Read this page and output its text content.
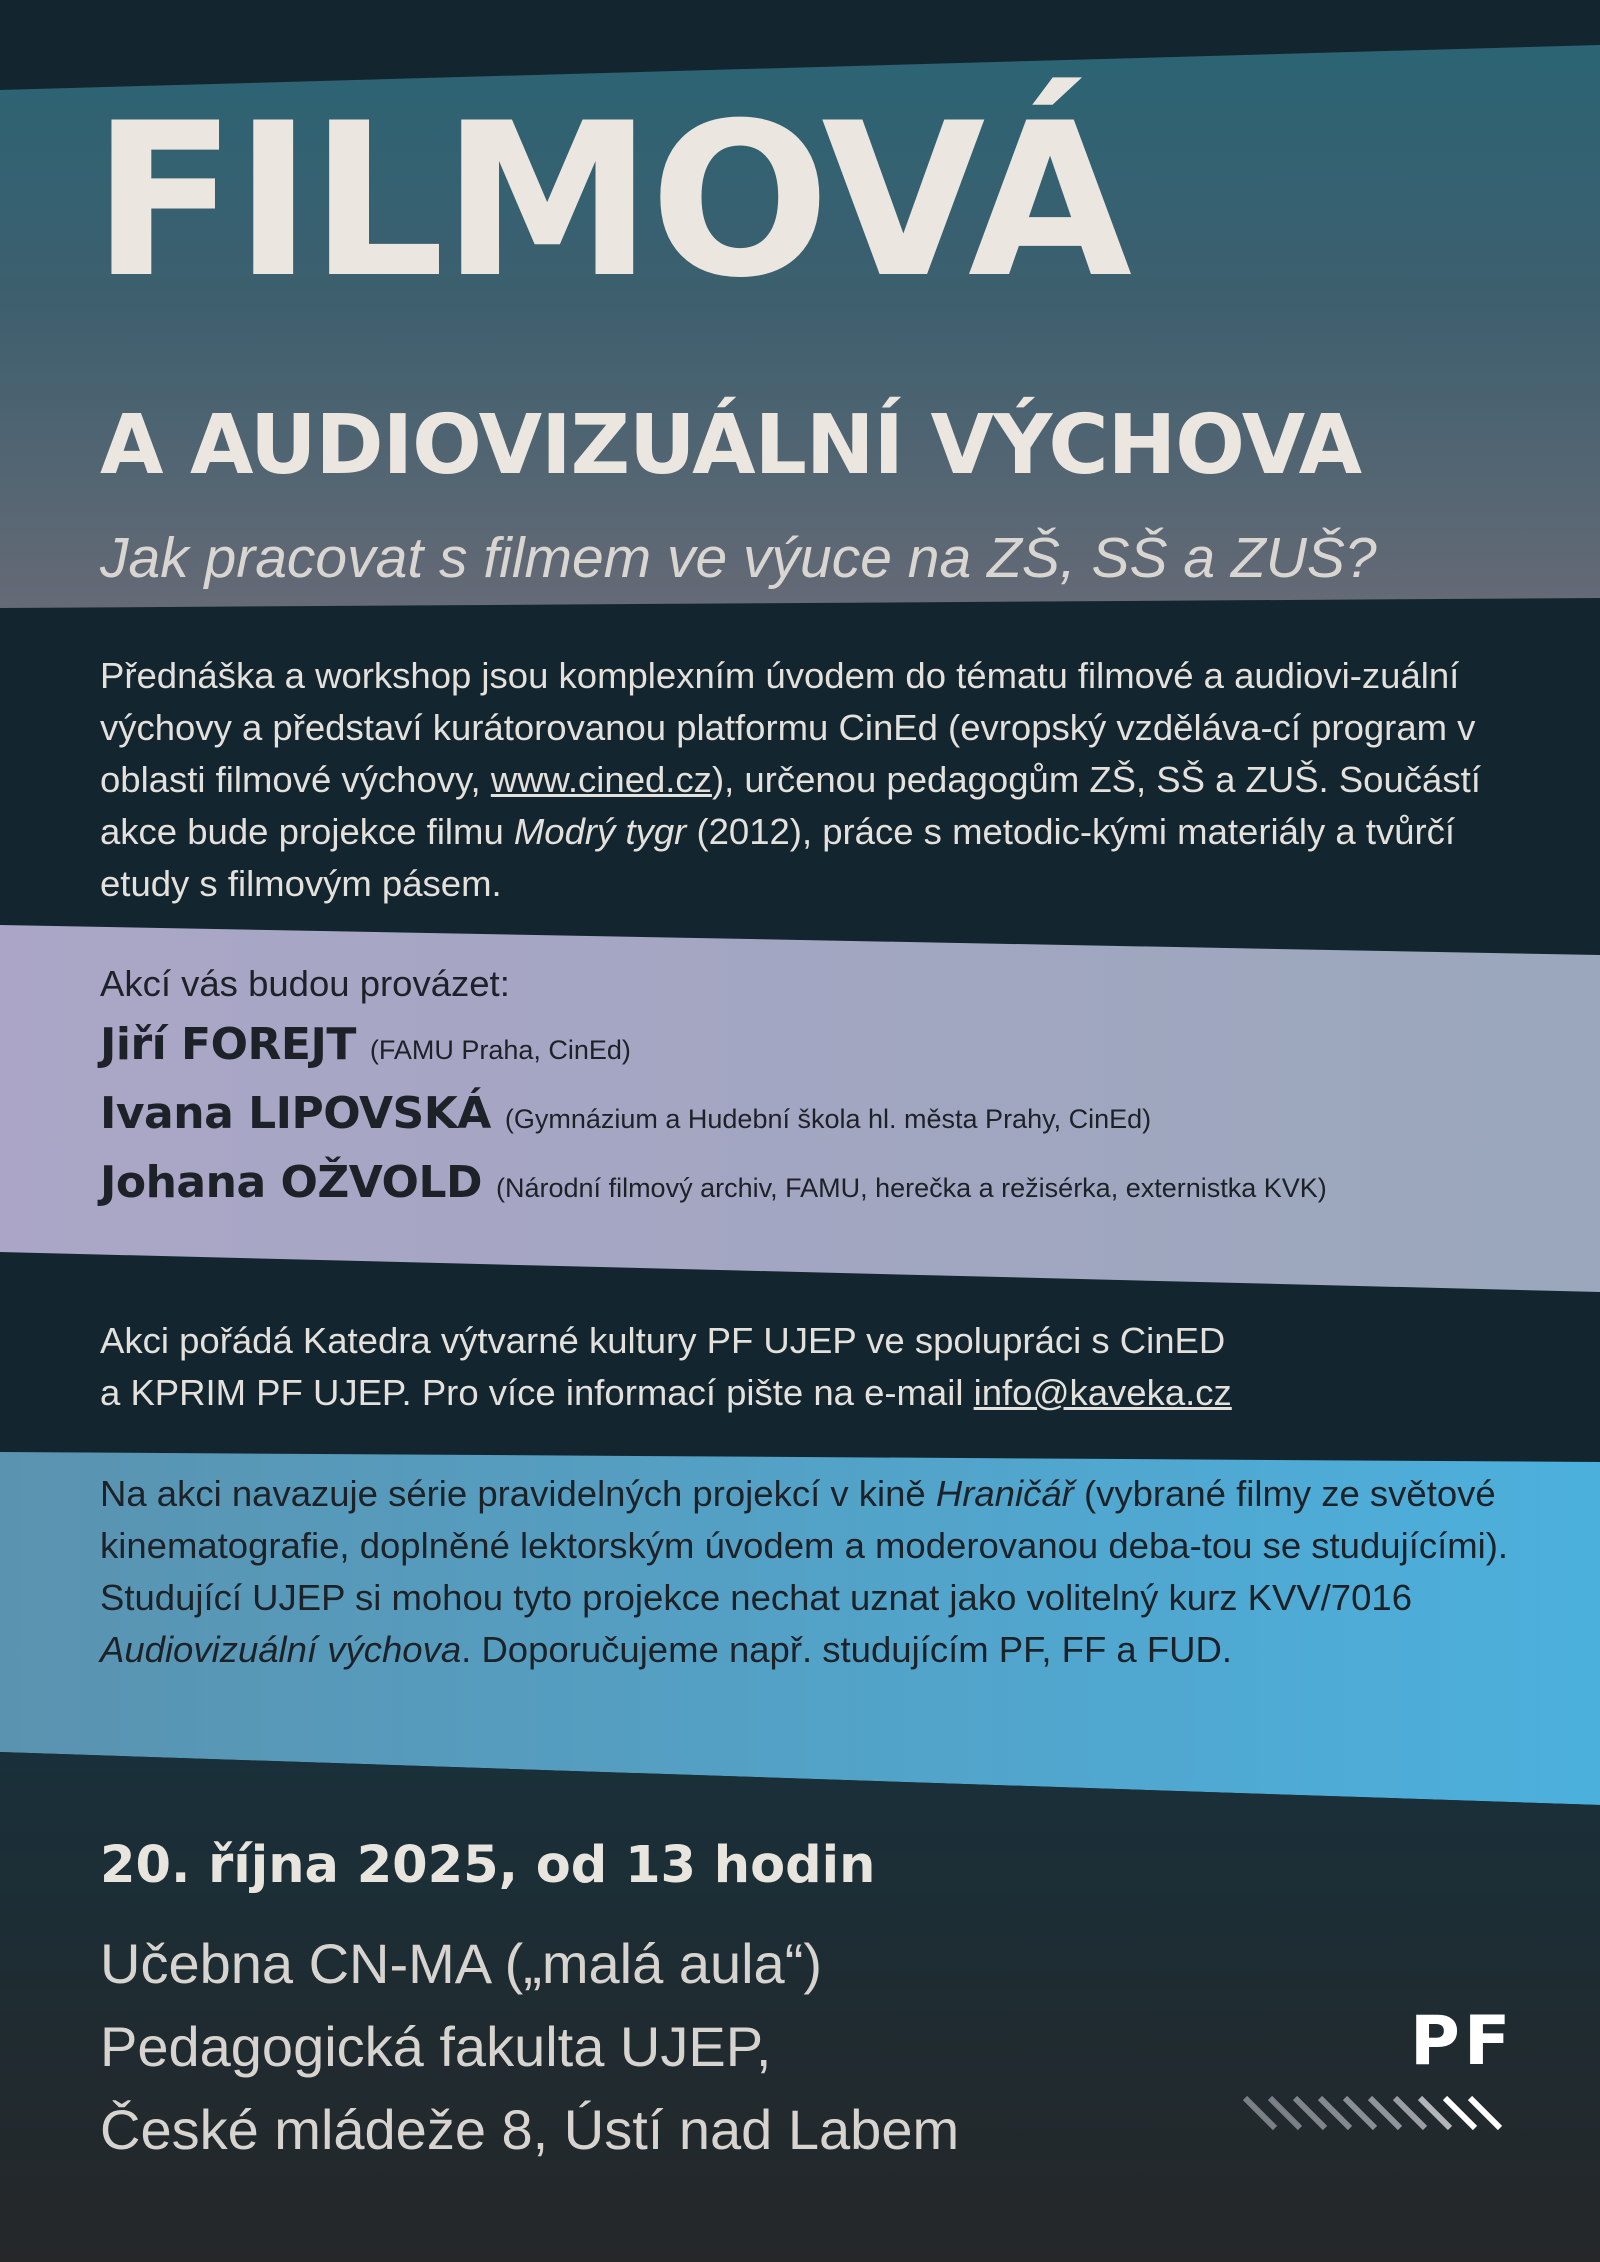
FILMOVÁ
A AUDIOVIZUÁLNÍ VÝCHOVA

Jak pracovat s filmem ve výuce na ZŠ, SŠ a ZUŠ?

Přednáška a workshop jsou komplexním úvodem do tématu filmové a audiovi-zuální výchovy a představí kurátorovanou platformu CinEd (evropský vzděláva-cí program v oblasti filmové výchovy, www.cined.cz), určenou pedagogům ZŠ, SŠ a ZUŠ. Součástí akce bude projekce filmu Modrý tygr (2012), práce s metodic-kými materiály a tvůrčí etudy s filmovým pásem.
Akcí vás budou provázet:
Jiří FOREJT (FAMU Praha, CinEd)
Ivana LIPOVSKÁ (Gymnázium a Hudební škola hl. města Prahy, CinEd)
Johana OŽVOLD (Národní filmový archiv, FAMU, herečka a režisérka, externistka KVK)
Akci pořádá Katedra výtvarné kultury PF UJEP ve spolupráci s CinED
a KPRIM PF UJEP. Pro více informací pište na e-mail info@kaveka.cz
Na akci navazuje série pravidelných projekcí v kině Hraničář (vybrané filmy ze světové kinematografie, doplněné lektorským úvodem a moderovanou deba-tou se studujícími). Studující UJEP si mohou tyto projekce nechat uznat jako volitelný kurz KVV/7016 Audiovizuální výchova. Doporučujeme např. studujícím PF, FF a FUD.
20. října 2025, od 13 hodin
Učebna CN-MA („malá aula“)
Pedagogická fakulta UJEP,
České mládeže 8, Ústí nad Labem
PF
